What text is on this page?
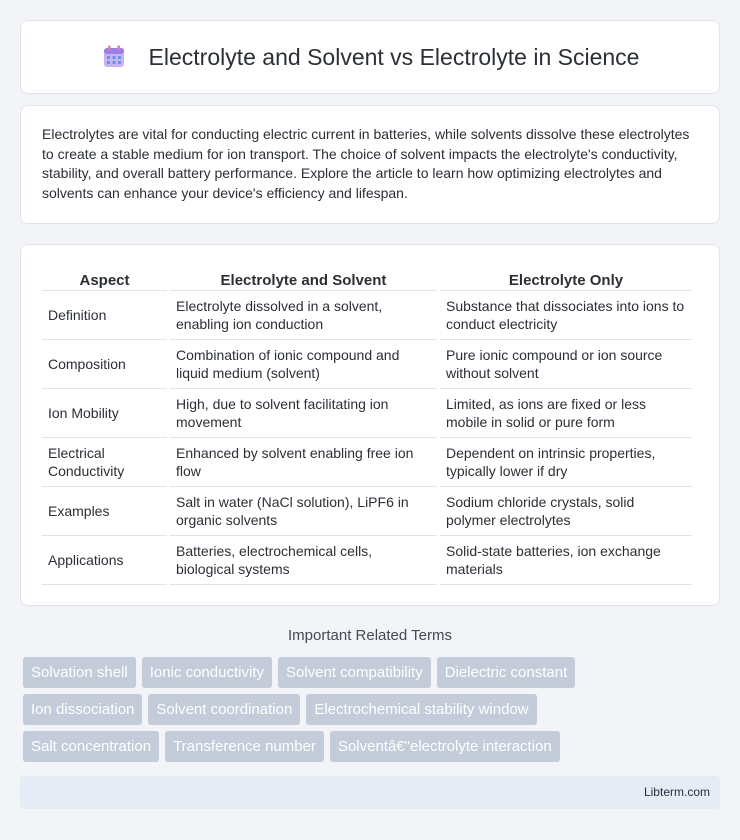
Electrolyte and Solvent vs Electrolyte in Science

Electrolytes are vital for conducting electric current in batteries, while solvents dissolve these electrolytes to create a stable medium for ion transport. The choice of solvent impacts the electrolyte's conductivity, stability, and overall battery performance. Explore the article to learn how optimizing electrolytes and solvents can enhance your device's efficiency and lifespan.

Aspect	Electrolyte and Solvent	Electrolyte Only
Definition	Electrolyte dissolved in a solvent, enabling ion conduction	Substance that dissociates into ions to conduct electricity
Composition	Combination of ionic compound and liquid medium (solvent)	Pure ionic compound or ion source without solvent
Ion Mobility	High, due to solvent facilitating ion movement	Limited, as ions are fixed or less mobile in solid or pure form
Electrical Conductivity	Enhanced by solvent enabling free ion flow	Dependent on intrinsic properties, typically lower if dry
Examples	Salt in water (NaCl solution), LiPF6 in organic solvents	Sodium chloride crystals, solid polymer electrolytes
Applications	Batteries, electrochemical cells, biological systems	Solid-state batteries, ion exchange materials
Important Related Terms
Solvation shell	Ionic conductivity	Solvent compatibility	Dielectric constant
Ion dissociation	Solvent coordination	Electrochemical stability window
Salt concentration	Transference number	Solventâ€"electrolyte interaction
Libterm.com
